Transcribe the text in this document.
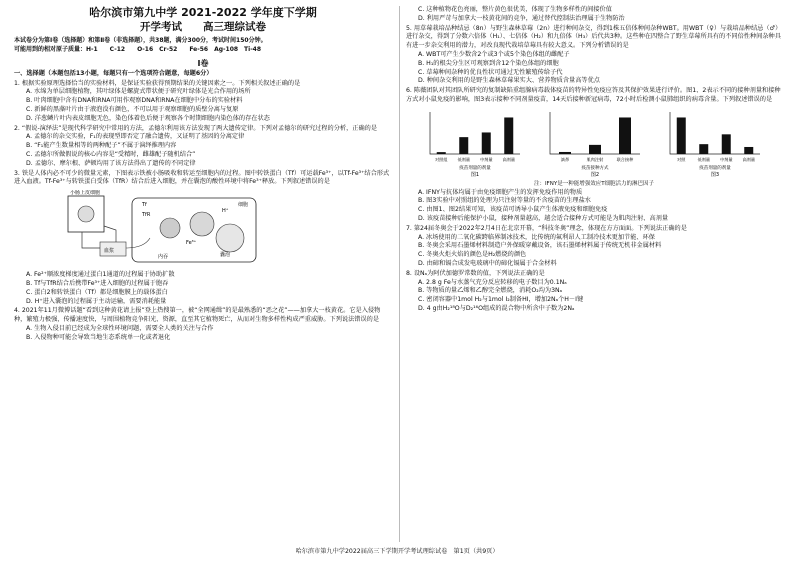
哈尔滨市第九中学 2021-2022 学年度下学期
开学考试　　高三理综试卷
本试卷分为第Ⅰ卷（选择题）和第Ⅱ卷（非选择题），共38题，满分300分，考试时间150分钟。
可能用到的相对原子质量：H-1　　C-12　　O-16　Cr-52　　Fe-56　Ag-108　Ti-48
Ⅰ卷
一、选择题（本题包括13小题，每题只有一个选项符合题意，每题6分）
1. 根据实验原理选择恰当的实验材料，是保证实验获得预期结果的关键因素之一。下列相关叙述正确的是
A. 水绵为单层细胞植物，其叶绿体是螺旋式带状便于研究叶绿体是光合作用的场所
B. 叶肉细胞中含有DNA和RNA可用作观察DNA和RNA在细胞中分布的实验材料
C. 新鲜的黑藻叶片由于液泡没有颜色，不可以用于观察细胞的质壁分离与复原
D. 洋葱鳞片叶内表皮细胞无色，染色体着色后便于观察各个时期细胞内染色体的存在状态
2. “假说-演绎法”是现代科学研究中常用的方法，孟德尔利用该方法发现了两大遗传定律。下列对孟德尔的研究过程的分析，正确的是
A. 孟德尔的杂交实验，F₁的表现型即否定了融合遗传，又证明了基因的分离定律
B. “F₁能产生数量相等的两种配子”不属于演绎推理内容
C. 孟德尔所做假说的核心内容是“受精时，雌雄配子随机结合”
D. 孟德尔、摩尔根、萨顿均用了该方法得出了遗传的不同定律
3. 铁是人体内必不可少的微量元素，下图表示铁被小肠吸收和转运至细胞内的过程。图中转铁蛋白（Tf）可运载Fe³⁺，以Tf-Fe³⁺结合形式进入血液。Tf-Fe³⁺与转铁蛋白受体（TfR）结合后进入细胞，并在囊泡的酸性环境中将Fe³⁺释放。下列叙述错误的是
小肠上皮细胞
血浆
Tf
TfR
内吞
H⁺
Fe³⁺
囊泡
细胞
A. Fe²⁺顺浓度梯度通过蛋白1通道的过程属于协助扩散
B. Tf与TfR结合后携带Fe³⁺进入细胞的过程属于胞吞
C. 蛋白2和转铁蛋白（Tf）都是细胞膜上的载体蛋白
D. H⁺进入囊泡的过程属于主动运输，需要消耗能量
4. 2021年11月微博话题“看到这种黄花请上报”登上热搜第一，被“全网通缉”的是最熟悉的“恶之花”——加拿大一枝黄花。它是入侵物种，繁殖力极强，传播速度快，与周围植物竞争阳光、资源，直至其它植物死亡，从而对生物多样性构成严重威胁。下列说法错误的是
A. 生物入侵目前已经成为全球性环境问题，需要全人类的关注与合作
B. 入侵物种可能会导致当地生态系统单一化或者退化
C. 这种植物花色亮丽，整片黄色很优美，体现了生物多样性的间接价值
D. 利用严苛与加拿大一枝黄花间的竞争，通过替代控制法治理属于生物防治
5. 用草莓栽培品种结忌（8n）与野生森林草莓（2n）进行种间杂交，得到1株五倍体种间杂种WBT。用WBT（♀）与栽培品种结忌（♂）进行杂交，得到了分数六倍体（H₁）、七倍体（H₂）和九倍体（H₃）后代共3种。这些种在四整合了野生草莓所具有的不同倍性种间杂种具有进一步杂交利用的潜力，对改良现代栽培草莓具有较大意义。下列分析错误的是
A. WBT可产生少数含2个或3个或5个染色体组的雌配子
B. H₁的根尖分生区可观察到含12个染色体组的细胞
C. 草莓种间杂种的优良性状可通过无性繁殖传给子代
D. 种间杂交利用的是野生森林草莓果实大、营养物质含量高等优点
6. 陈薇团队对其团队所研究的复制缺陷重组腺病毒载体疫苗的特异性免疫应答及其保护效果进行评价。图1、2表示不同的接种剂量和接种方式对小鼠免疫的影响，图3表示接种不同剂量疫苗，14天后接种新冠病毒，72小时后检测小鼠肺组织的病毒含量。下列叙述错误的是
对照组 低剂量 中剂量 高剂量
疫苗剂量的剂量
图1
滴鼻	肌肉注射	联合接种
疫苗接种方式
图2
对照	低剂量 中剂量 高剂量
疫苗剂量的剂量
图3
注：IFNY是一种能增强效应T细胞活力的淋巴因子
A. IFNY与抗体均属于由免疫细胞产生的发挥免疫作用的物质
B. 图3实验中对照组的处理为只注射等量的不含疫苗的生理盐水
C. 由图1、图2结果可知，该疫苗可诱导小鼠产生体液免疫和细胞免疫
D. 该疫苗接种后能保护小鼠，接种剂量越高，越会适合接种方式可能是为肌肉注射、高剂量
7. 第24届冬奥会于2022年2月4日在北京开幕，“科技冬奥”理念，体现在方方面面。下列说法正确的是
A. 冰场使用的二氧化碳跨临界制冰技术，比传统的氟利昂人工制冷技术更加节能、环保
B. 冬奥会采用石墨烯材料制造户外保暖穿戴设备，该石墨烯材料属于传统无机非金属材料
C. 冬奥火炬火焰的颜色是H₂燃烧的颜色
D. 由碲和镉合成发电玻璃中的碲化镉属于合金材料
8. 设Nₐ为阿伏加德罗常数的值，下列说法正确的是
A. 2.8 g Fe与水蒸气充分反应转移的电子数目为0.1Nₐ
B. 等物质的量乙烯和乙醇完全燃烧，消耗O₂均为3Nₐ
C. 密闭容器中1mol H₂与1mol I₂制备HI，增加2Nₐ个H－I键
D. 4 g由H₂¹⁸O与D₂¹⁶O组成的混合物中所含中子数为2Nₐ
哈尔滨市第九中学2022届高三下学期开学考试理综试卷　第1页（共9页）
